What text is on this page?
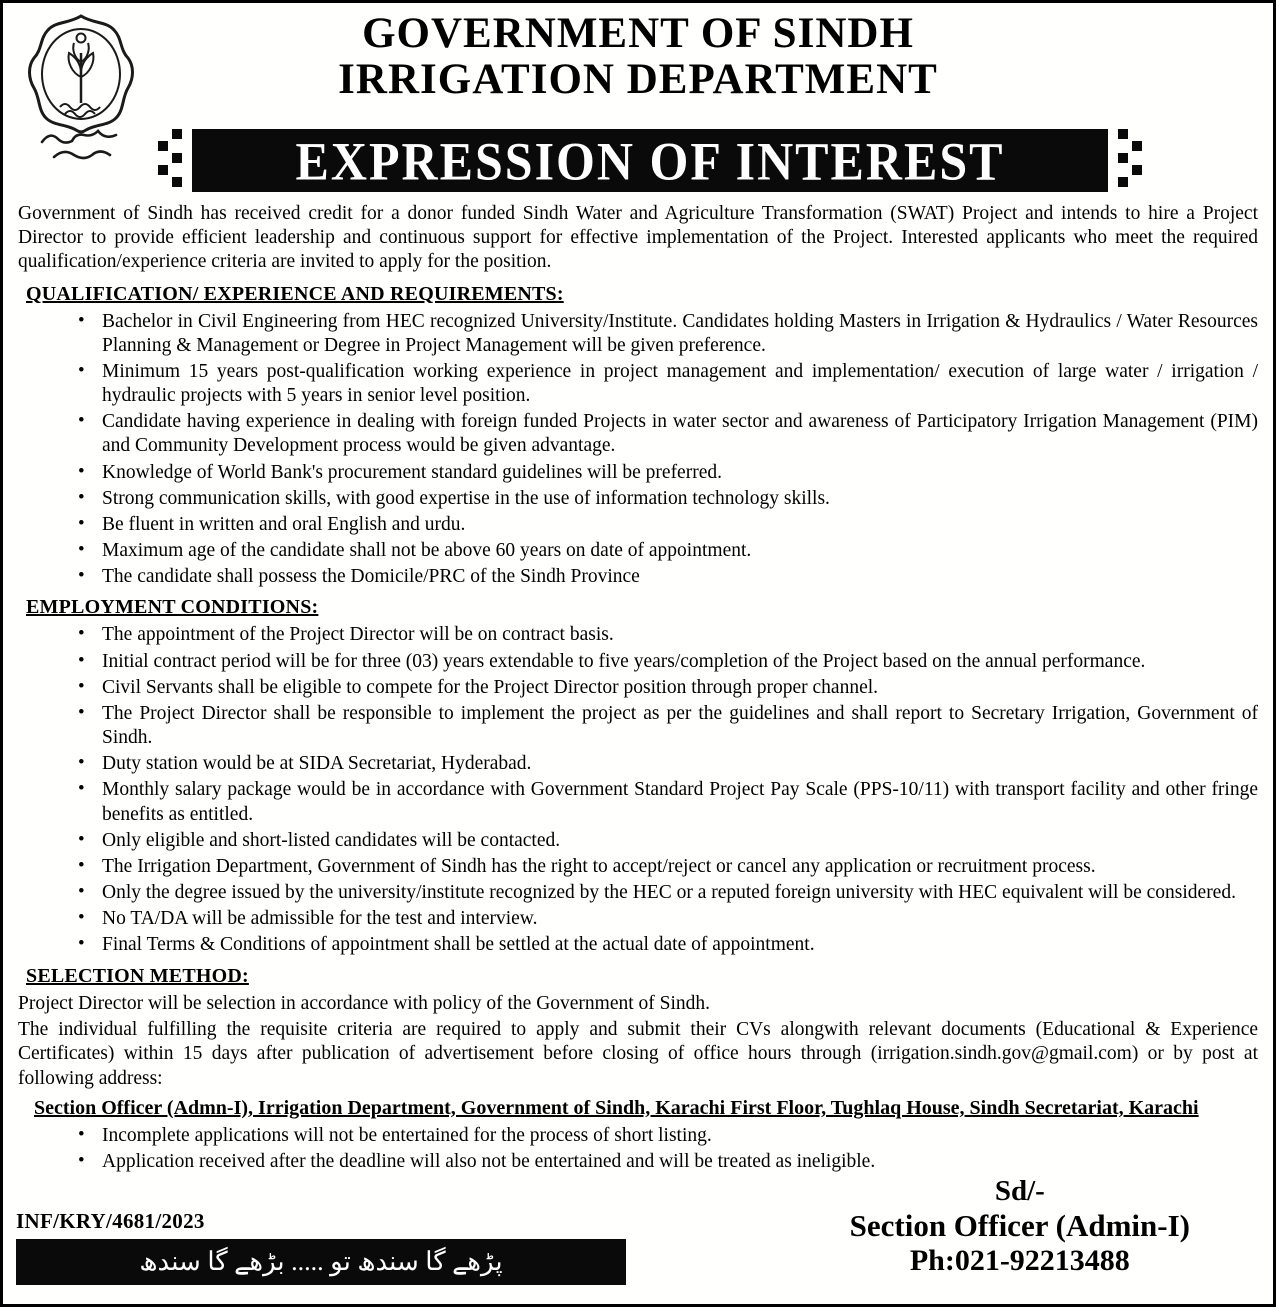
GOVERNMENT OF SINDH
IRRIGATION DEPARTMENT
EXPRESSION OF INTEREST

Government of Sindh has received credit for a donor funded Sindh Water and Agriculture Transformation (SWAT) Project and intends to hire a Project Director to provide efficient leadership and continuous support for effective implementation of the Project. Interested applicants who meet the required qualification/experience criteria are invited to apply for the position.

QUALIFICATION/ EXPERIENCE AND REQUIREMENTS:
• Bachelor in Civil Engineering from HEC recognized University/Institute. Candidates holding Masters in Irrigation & Hydraulics / Water Resources Planning & Management or Degree in Project Management will be given preference.
• Minimum 15 years post-qualification working experience in project management and implementation/ execution of large water / irrigation / hydraulic projects with 5 years in senior level position.
• Candidate having experience in dealing with foreign funded Projects in water sector and awareness of Participatory Irrigation Management (PIM) and Community Development process would be given advantage.
• Knowledge of World Bank's procurement standard guidelines will be preferred.
• Strong communication skills, with good expertise in the use of information technology skills.
• Be fluent in written and oral English and urdu.
• Maximum age of the candidate shall not be above 60 years on date of appointment.
• The candidate shall possess the Domicile/PRC of the Sindh Province
EMPLOYMENT CONDITIONS:
• The appointment of the Project Director will be on contract basis.
• Initial contract period will be for three (03) years extendable to five years/completion of the Project based on the annual performance.
• Civil Servants shall be eligible to compete for the Project Director position through proper channel.
• The Project Director shall be responsible to implement the project as per the guidelines and shall report to Secretary Irrigation, Government of Sindh.
• Duty station would be at SIDA Secretariat, Hyderabad.
• Monthly salary package would be in accordance with Government Standard Project Pay Scale (PPS-10/11) with transport facility and other fringe benefits as entitled.
• Only eligible and short-listed candidates will be contacted.
• The Irrigation Department, Government of Sindh has the right to accept/reject or cancel any application or recruitment process.
• Only the degree issued by the university/institute recognized by the HEC or a reputed foreign university with HEC equivalent will be considered.
• No TA/DA will be admissible for the test and interview.
• Final Terms & Conditions of appointment shall be settled at the actual date of appointment.
SELECTION METHOD:

Project Director will be selection in accordance with policy of the Government of Sindh.

The individual fulfilling the requisite criteria are required to apply and submit their CVs alongwith relevant documents (Educational & Experience Certificates) within 15 days after publication of advertisement before closing of office hours through (irrigation.sindh.gov@gmail.com) or by post at following address:

Section Officer (Admn-I), Irrigation Department, Government of Sindh, Karachi First Floor, Tughlaq House, Sindh Secretariat, Karachi

• Incomplete applications will not be entertained for the process of short listing.
• Application received after the deadline will also not be entertained and will be treated as ineligible.
INF/KRY/4681/2023
پڑھے گا سندھ تو ..... بڑھے گا سندھ
Sd/-
Section Officer (Admin-I)
Ph:021-92213488
